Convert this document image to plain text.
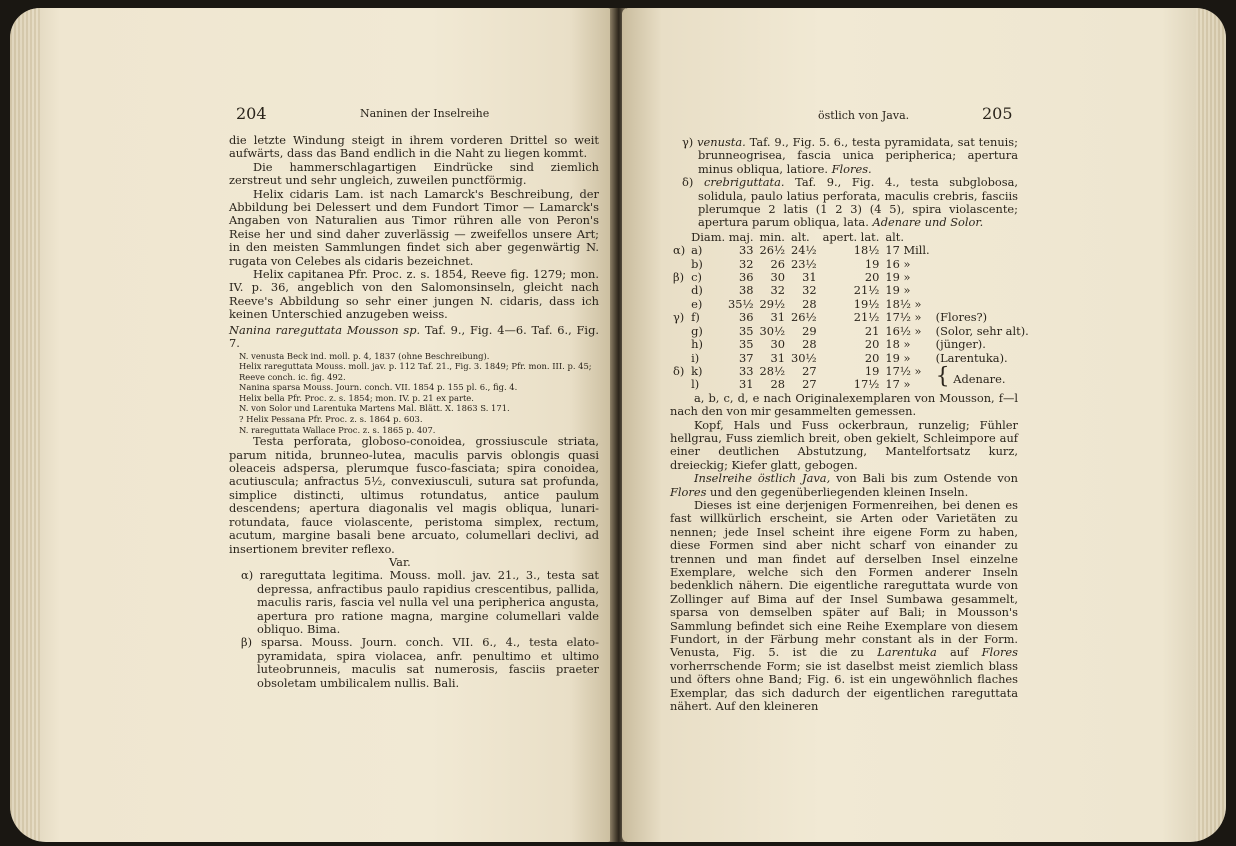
204	Naninen der Inselreihe

die letzte Windung steigt in ihrem vorderen Drittel so weit aufwärts, dass das Band endlich in die Naht zu liegen kommt.

Die hammerschlagartigen Eindrücke sind ziemlich zerstreut und sehr ungleich, zuweilen punctförmig.

Helix cidaris Lam. ist nach Lamarck's Beschreibung, der Abbildung bei Delessert und dem Fundort Timor — Lamarck's Angaben von Naturalien aus Timor rühren alle von Peron's Reise her und sind daher zuverlässig — zweifellos unsere Art; in den meisten Sammlungen findet sich aber gegenwärtig N. rugata von Celebes als cidaris bezeichnet.

Helix capitanea Pfr. Proc. z. s. 1854, Reeve fig. 1279; mon. IV. p. 36, angeblich von den Salomonsinseln, gleicht nach Reeve's Abbildung so sehr einer jungen N. cidaris, dass ich keinen Unterschied anzugeben weiss.

Nanina rareguttata Mousson sp. Taf. 9., Fig. 4—6. Taf. 6., Fig. 7.

N. venusta Beck ind. moll. p. 4, 1837 (ohne Beschreibung).
Helix rareguttata Mouss. moll. jav. p. 112 Taf. 21., Fig. 3. 1849; Pfr. mon. III. p. 45; Reeve conch. ic. fig. 492.
Nanina sparsa Mouss. Journ. conch. VII. 1854 p. 155 pl. 6., fig. 4.
Helix bella Pfr. Proc. z. s. 1854; mon. IV. p. 21 ex parte.
N. von Solor und Larentuka Martens Mal. Blätt. X. 1863 S. 171.
? Helix Pessana Pfr. Proc. z. s. 1864 p. 603.
N. rareguttata Wallace Proc. z. s. 1865 p. 407.

Testa perforata, globoso-conoidea, grossiuscule striata, parum nitida, brunneo-lutea, maculis parvis oblongis quasi oleaceis adspersa, plerumque fusco-fasciata; spira conoidea, acutiuscula; anfractus 5½, convexiusculi, sutura sat profunda, simplice distincti, ultimus rotundatus, antice paulum descendens; apertura diagonalis vel magis obliqua, lunari-rotundata, fauce violascente, peristoma simplex, rectum, acutum, margine basali bene arcuato, columellari declivi, ad insertionem breviter reflexo.

Var.

α) rareguttata legitima. Mouss. moll. jav. 21., 3., testa sat depressa, anfractibus paulo rapidius crescentibus, pallida, maculis raris, fascia vel nulla vel una peripherica angusta, apertura pro ratione magna, margine columellari valde obliquo. Bima.

β) sparsa. Mouss. Journ. conch. VII. 6., 4., testa elato-pyramidata, spira violacea, anfr. penultimo et ultimo luteobrunneis, maculis sat numerosis, fasciis praeter obsoletam umbilicalem nullis. Bali.

östlich von Java.	205

γ) venusta. Taf. 9., Fig. 5. 6., testa pyramidata, sat tenuis; brunneogrisea, fascia unica peripherica; apertura minus obliqua, latiore. Flores.

δ) crebriguttata. Taf. 9., Fig. 4., testa subglobosa, solidula, paulo latius perforata, maculis crebris, fasciis plerumque 2 latis (1 2 3) (4 5), spira violascente; apertura parum obliqua, lata. Adenare und Solor.

	Diam. maj.		min.	alt.	apert. lat.	alt.	
α)	a)	33	26½	24½	18½	17 Mill.	
	b)	32	26	23½	19	16 »	
β)	c)	36	30	31	20	19 »	
	d)	38	32	32	21½	19 »	
	e)	35½	29½	28	19½	18½ »	
γ)	f)	36	31	26½	21½	17½ »	(Flores?)
	g)	35	30½	29	21	16½ »	(Solor, sehr alt).
	h)	35	30	28	20	18 »	(jünger).
	i)	37	31	30½	20	19 »	(Larentuka).
δ)	k)	33	28½	27	19	17½ »	{ Adenare.
	l)	31	28	27	17½	17 »	

a, b, c, d, e nach Originalexemplaren von Mousson, f—l nach den von mir gesammelten gemessen.

Kopf, Hals und Fuss ockerbraun, runzelig; Fühler hellgrau, Fuss ziemlich breit, oben gekielt, Schleimpore auf einer deutlichen Abstutzung, Mantelfortsatz kurz, dreieckig; Kiefer glatt, gebogen.

Inselreihe östlich Java, von Bali bis zum Ostende von Flores und den gegenüberliegenden kleinen Inseln.

Dieses ist eine derjenigen Formenreihen, bei denen es fast willkürlich erscheint, sie Arten oder Varietäten zu nennen; jede Insel scheint ihre eigene Form zu haben, diese Formen sind aber nicht scharf von einander zu trennen und man findet auf derselben Insel einzelne Exemplare, welche sich den Formen anderer Inseln bedenklich nähern. Die eigentliche rareguttata wurde von Zollinger auf Bima auf der Insel Sumbawa gesammelt, sparsa von demselben später auf Bali; in Mousson's Sammlung befindet sich eine Reihe Exemplare von diesem Fundort, in der Färbung mehr constant als in der Form. Venusta, Fig. 5. ist die zu Larentuka auf Flores vorherrschende Form; sie ist daselbst meist ziemlich blass und öfters ohne Band; Fig. 6. ist ein ungewöhnlich flaches Exemplar, das sich dadurch der eigentlichen rareguttata nähert. Auf den kleineren
